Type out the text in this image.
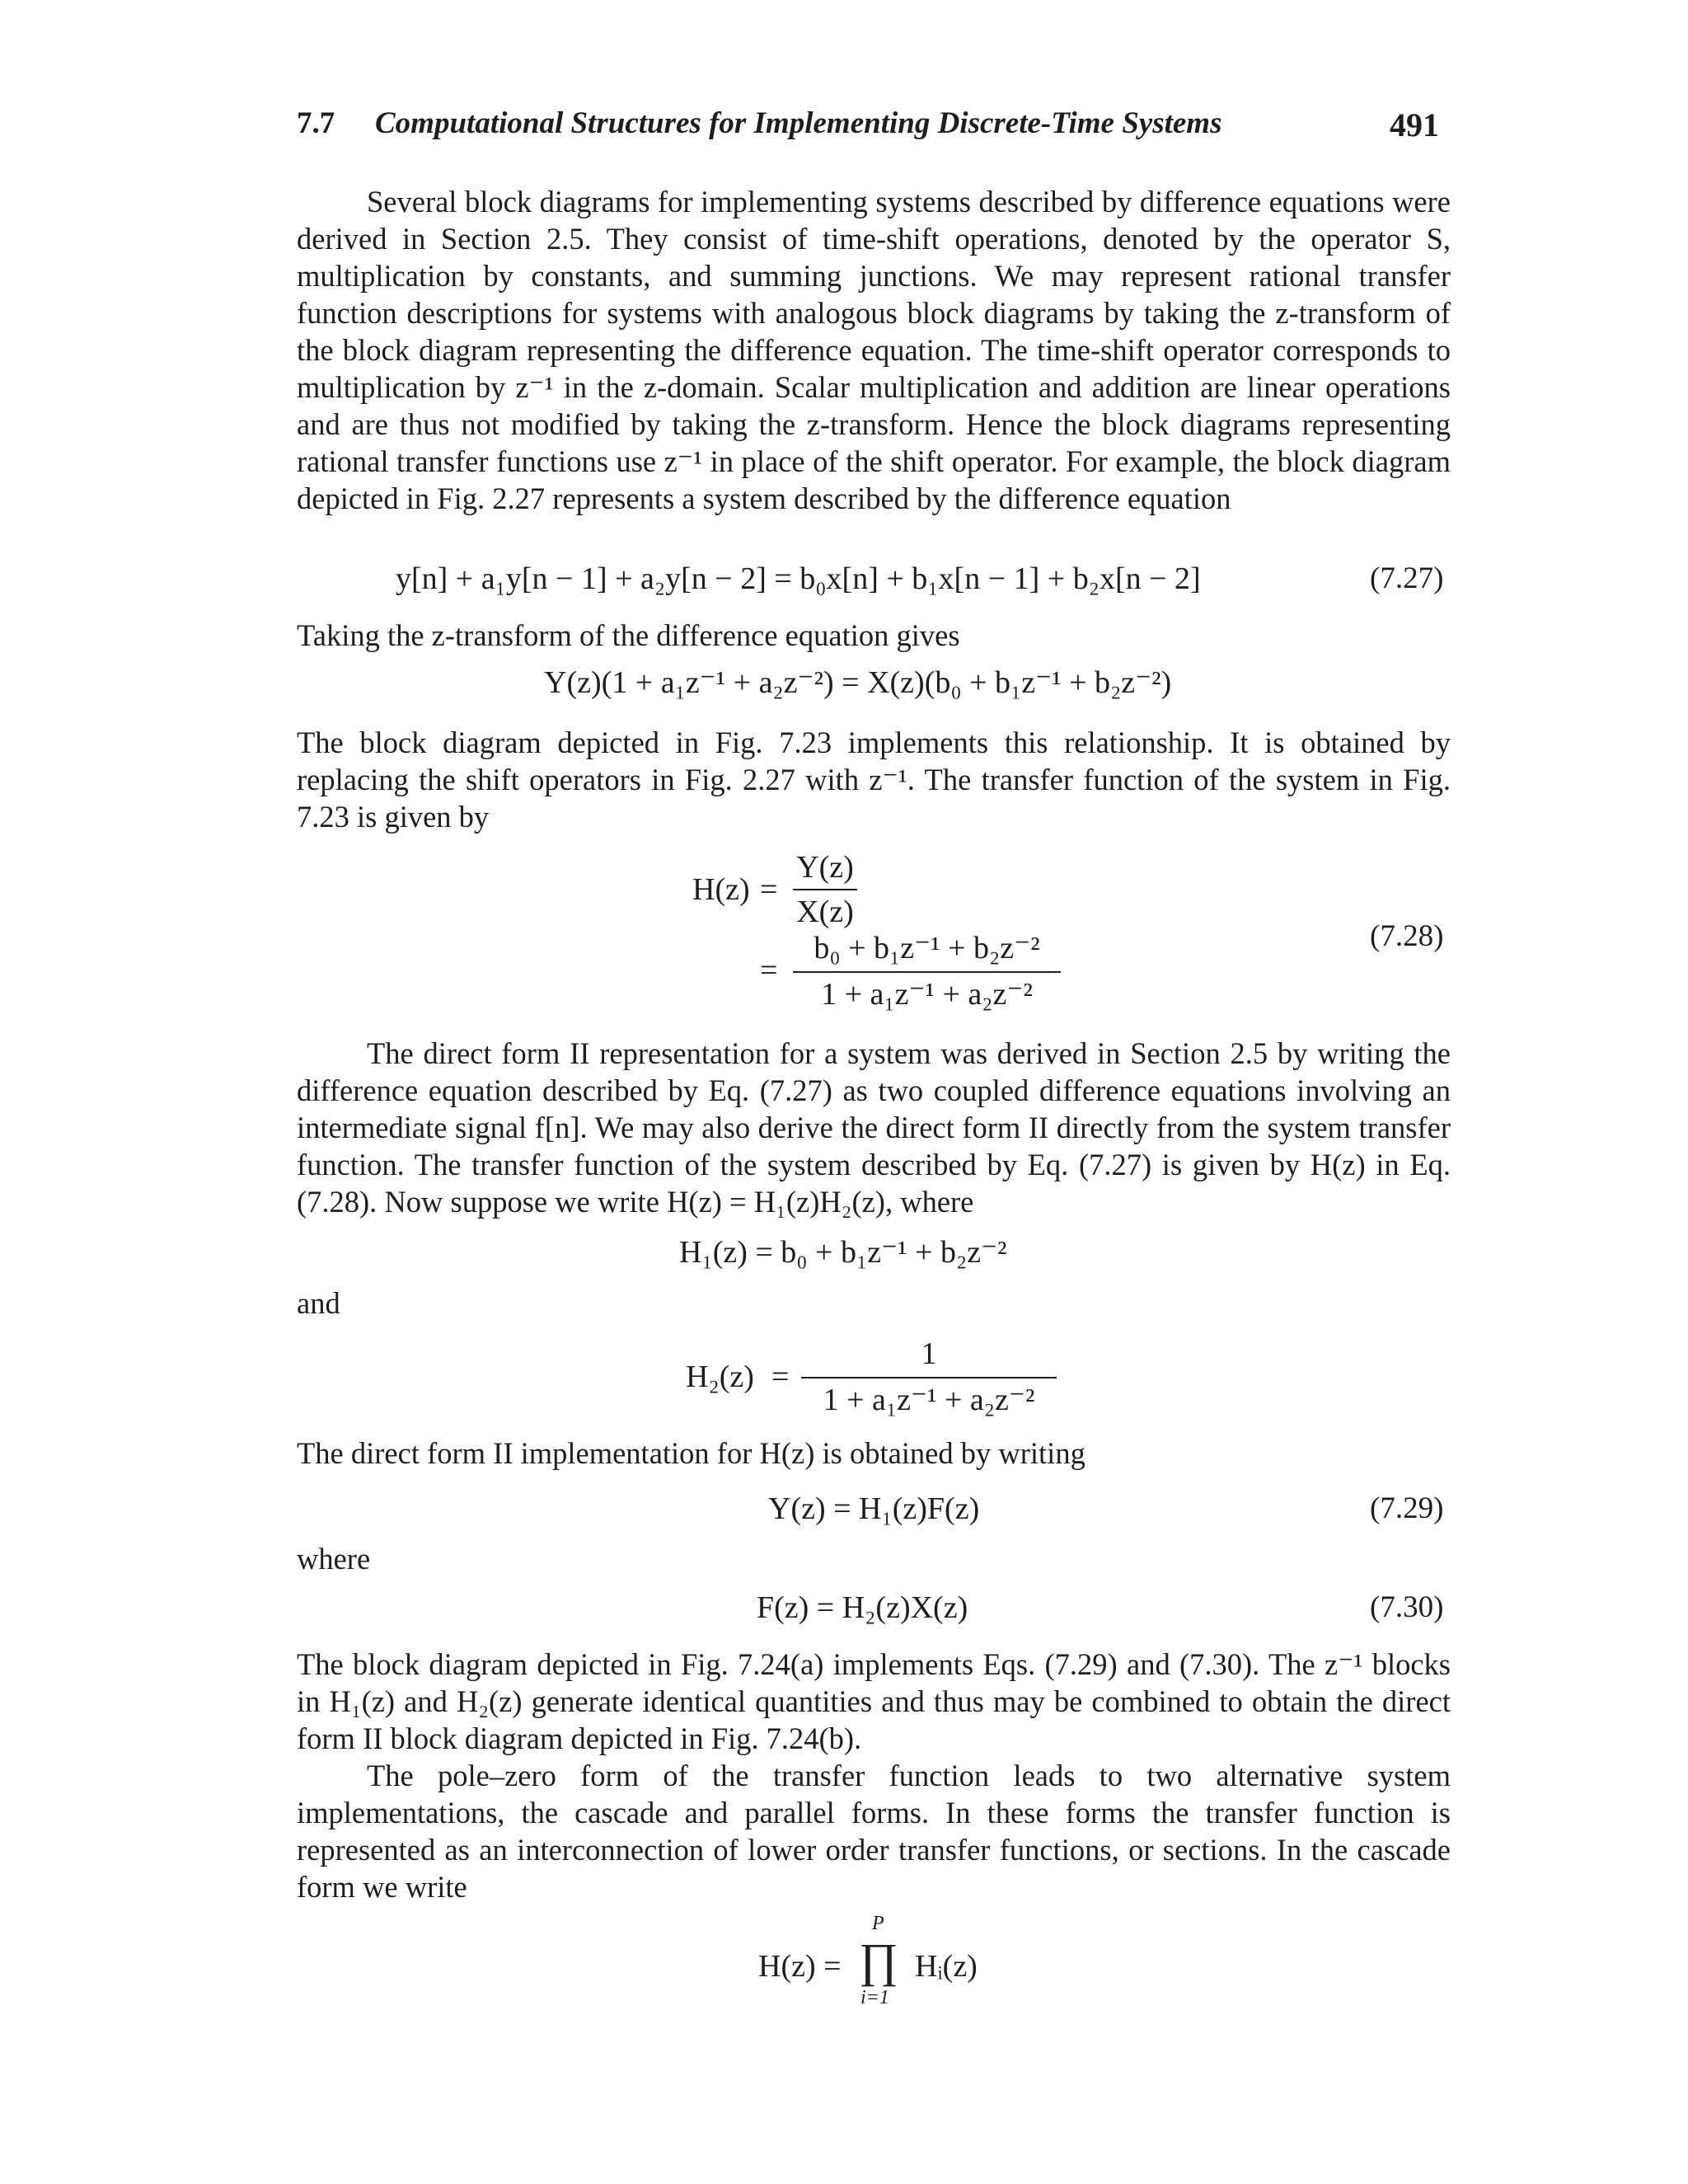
7.7 Computational Structures for Implementing Discrete-Time Systems	491
Several block diagrams for implementing systems described by difference equations were derived in Section 2.5. They consist of time-shift operations, denoted by the operator S, multiplication by constants, and summing junctions. We may represent rational transfer function descriptions for systems with analogous block diagrams by taking the z-transform of the block diagram representing the difference equation. The time-shift operator corresponds to multiplication by z⁻¹ in the z-domain. Scalar multiplication and addition are linear operations and are thus not modified by taking the z-transform. Hence the block diagrams representing rational transfer functions use z⁻¹ in place of the shift operator. For example, the block diagram depicted in Fig. 2.27 represents a system described by the difference equation
y[n] + a₁y[n − 1] + a₂y[n − 2] = b₀x[n] + b₁x[n − 1] + b₂x[n − 2]	(7.27)
Taking the z-transform of the difference equation gives
Y(z)(1 + a₁z⁻¹ + a₂z⁻²) = X(z)(b₀ + b₁z⁻¹ + b₂z⁻²)
The block diagram depicted in Fig. 7.23 implements this relationship. It is obtained by replacing the shift operators in Fig. 2.27 with z⁻¹. The transfer function of the system in Fig. 7.23 is given by
H(z) =
Y(z)
X(z)
=
b₀ + b₁z⁻¹ + b₂z⁻²
1 + a₁z⁻¹ + a₂z⁻²
(7.28)
The direct form II representation for a system was derived in Section 2.5 by writing the difference equation described by Eq. (7.27) as two coupled difference equations involving an intermediate signal f[n]. We may also derive the direct form II directly from the system transfer function. The transfer function of the system described by Eq. (7.27) is given by H(z) in Eq. (7.28). Now suppose we write H(z) = H₁(z)H₂(z), where
H₁(z) = b₀ + b₁z⁻¹ + b₂z⁻²
and
H₂(z) =
1
1 + a₁z⁻¹ + a₂z⁻²
The direct form II implementation for H(z) is obtained by writing
Y(z) = H₁(z)F(z)	(7.29)
where
F(z) = H₂(z)X(z)	(7.30)
The block diagram depicted in Fig. 7.24(a) implements Eqs. (7.29) and (7.30). The z⁻¹ blocks in H₁(z) and H₂(z) generate identical quantities and thus may be combined to obtain the direct form II block diagram depicted in Fig. 7.24(b).
The pole–zero form of the transfer function leads to two alternative system implementations, the cascade and parallel forms. In these forms the transfer function is represented as an interconnection of lower order transfer functions, or sections. In the cascade form we write
H(z) =
P
∏
i=1
Hᵢ(z)
